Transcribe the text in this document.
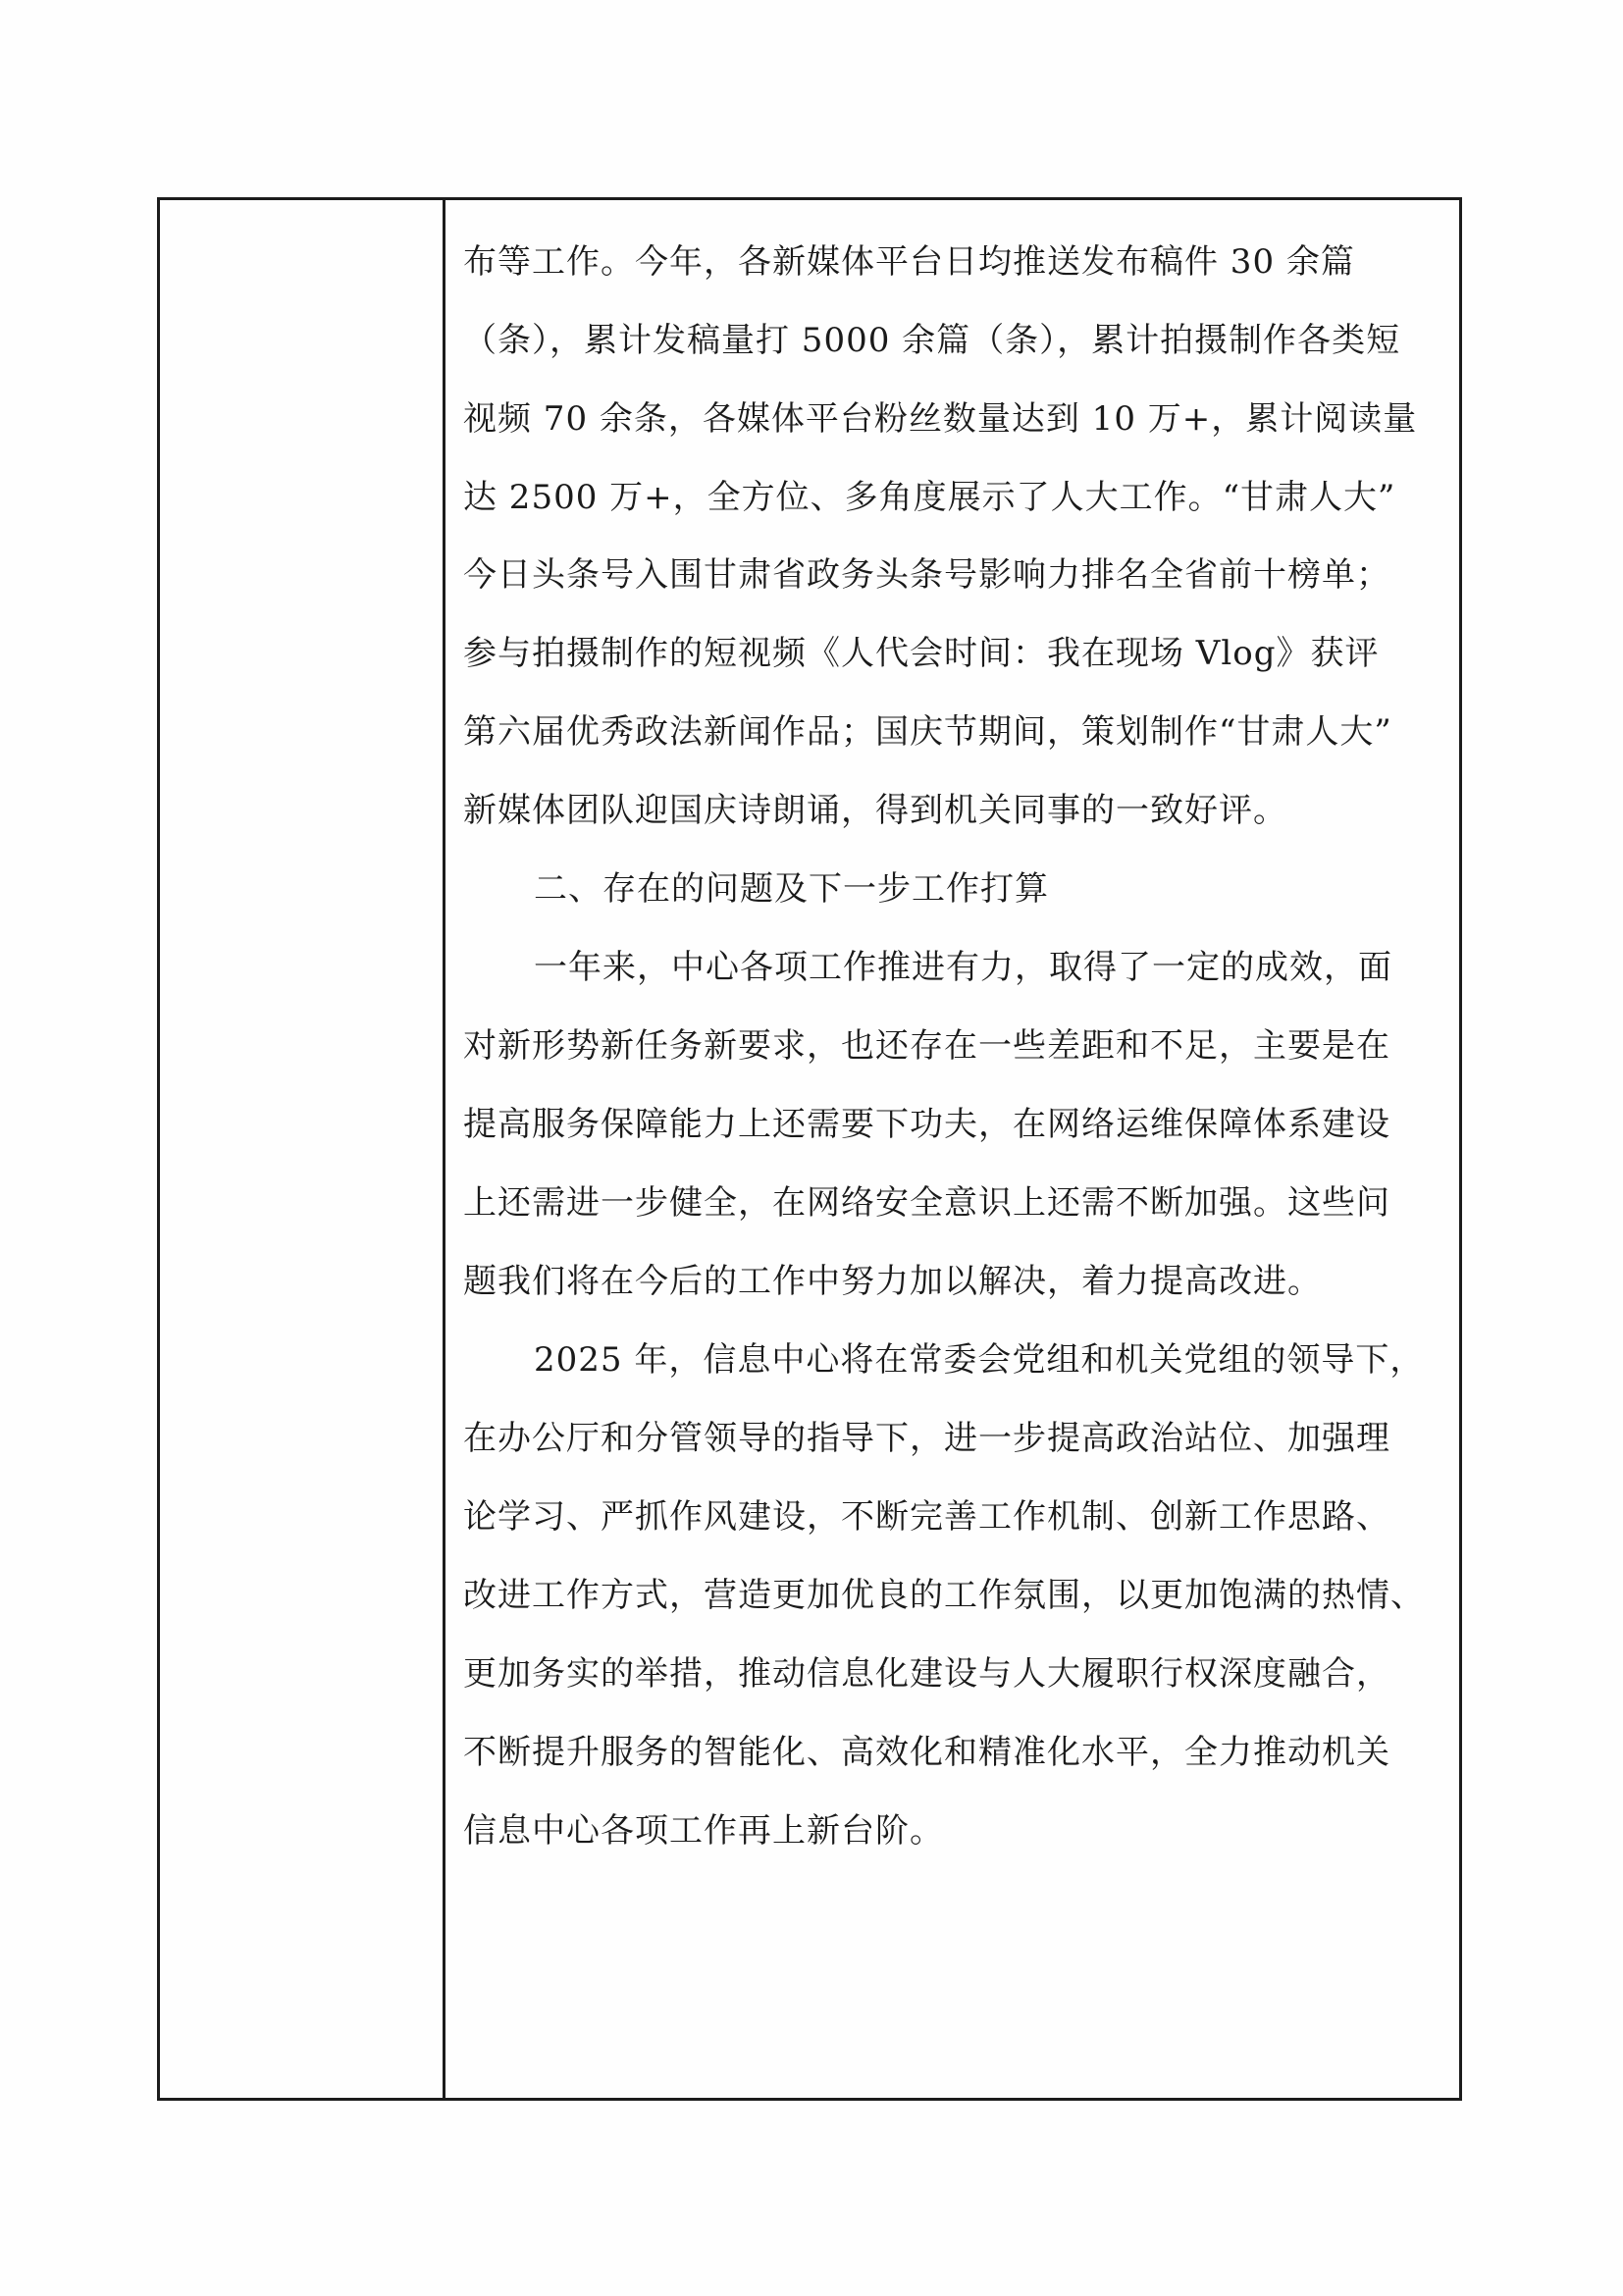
布等工作。今年，各新媒体平台日均推送发布稿件 30 余篇
（条），累计发稿量打 5000 余篇（条），累计拍摄制作各类短
视频 70 余条，各媒体平台粉丝数量达到 10 万+，累计阅读量
达 2500 万+，全方位、多角度展示了人大工作。“甘肃人大”
今日头条号入围甘肃省政务头条号影响力排名全省前十榜单；
参与拍摄制作的短视频《人代会时间：我在现场 Vlog》获评
第六届优秀政法新闻作品；国庆节期间，策划制作“甘肃人大”
新媒体团队迎国庆诗朗诵，得到机关同事的一致好评。
二、存在的问题及下一步工作打算
一年来，中心各项工作推进有力，取得了一定的成效，面
对新形势新任务新要求，也还存在一些差距和不足，主要是在
提高服务保障能力上还需要下功夫，在网络运维保障体系建设
上还需进一步健全，在网络安全意识上还需不断加强。这些问
题我们将在今后的工作中努力加以解决，着力提高改进。
2025 年，信息中心将在常委会党组和机关党组的领导下，
在办公厅和分管领导的指导下，进一步提高政治站位、加强理
论学习、严抓作风建设，不断完善工作机制、创新工作思路、
改进工作方式，营造更加优良的工作氛围，以更加饱满的热情、
更加务实的举措，推动信息化建设与人大履职行权深度融合，
不断提升服务的智能化、高效化和精准化水平，全力推动机关
信息中心各项工作再上新台阶。
